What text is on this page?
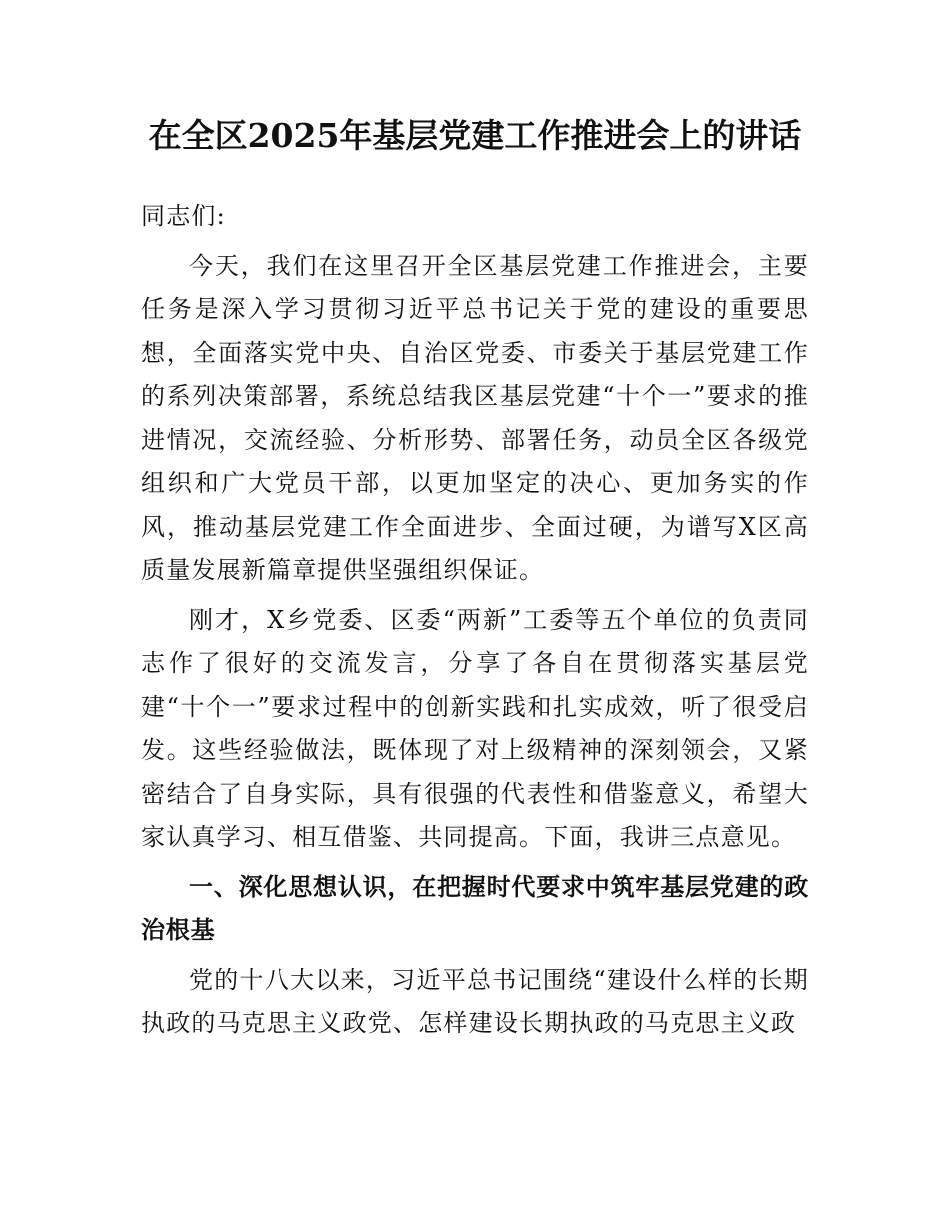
在全区2025年基层党建工作推进会上的讲话

同志们:

今天，我们在这里召开全区基层党建工作推进会，主要任务是深入学习贯彻习近平总书记关于党的建设的重要思想，全面落实党中央、自治区党委、市委关于基层党建工作的系列决策部署，系统总结我区基层党建“十个一”要求的推进情况，交流经验、分析形势、部署任务，动员全区各级党组织和广大党员干部，以更加坚定的决心、更加务实的作风，推动基层党建工作全面进步、全面过硬，为谱写X区高质量发展新篇章提供坚强组织保证。

刚才，X乡党委、区委“两新”工委等五个单位的负责同志作了很好的交流发言，分享了各自在贯彻落实基层党建“十个一”要求过程中的创新实践和扎实成效，听了很受启发。这些经验做法，既体现了对上级精神的深刻领会，又紧密结合了自身实际，具有很强的代表性和借鉴意义，希望大家认真学习、相互借鉴、共同提高。下面，我讲三点意见。

一、深化思想认识，在把握时代要求中筑牢基层党建的政治根基

党的十八大以来，习近平总书记围绕“建设什么样的长期执政的马克思主义政党、怎样建设长期执政的马克思主义政
